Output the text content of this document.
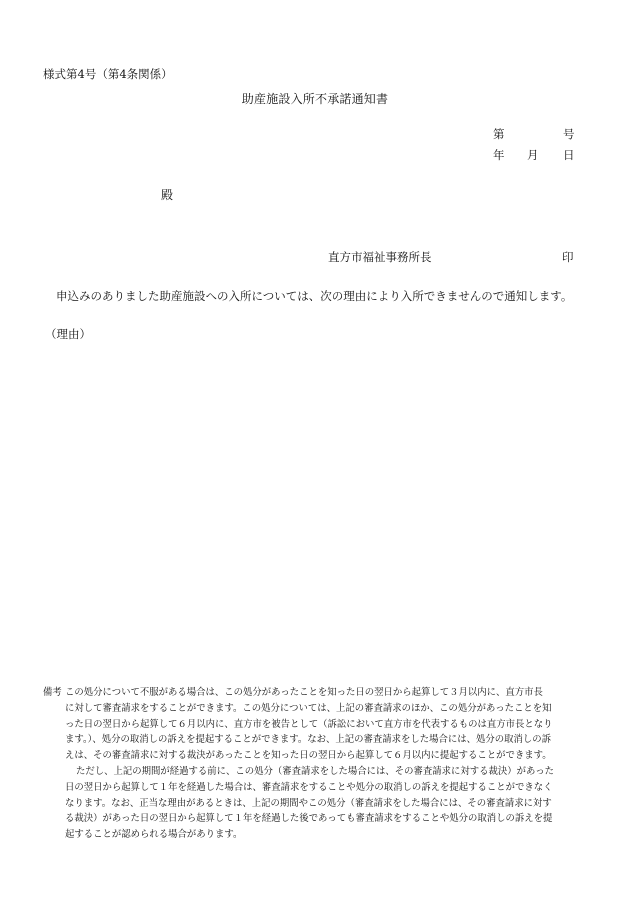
様式第4号（第4条関係）
助産施設入所不承諾通知書
第	号
年 月 日
殿
直方市福祉事務所長	印
申込みのありました助産施設への入所については、次の理由により入所できませんので通知します。
（理由）
備考 この処分について不服がある場合は、この処分があったことを知った日の翌日から起算して３月以内に、直方市長
に対して審査請求をすることができます。この処分については、上記の審査請求のほか、この処分があったことを知
った日の翌日から起算して６月以内に、直方市を被告として（訴訟において直方市を代表するものは直方市長となり
ます。）、処分の取消しの訴えを提起することができます。なお、上記の審査請求をした場合には、処分の取消しの訴
えは、その審査請求に対する裁決があったことを知った日の翌日から起算して６月以内に提起することができます。
ただし、上記の期間が経過する前に、この処分（審査請求をした場合には、その審査請求に対する裁決）があった
日の翌日から起算して１年を経過した場合は、審査請求をすることや処分の取消しの訴えを提起することができなく
なります。なお、正当な理由があるときは、上記の期間やこの処分（審査請求をした場合には、その審査請求に対す
る裁決）があった日の翌日から起算して１年を経過した後であっても審査請求をすることや処分の取消しの訴えを提
起することが認められる場合があります。
